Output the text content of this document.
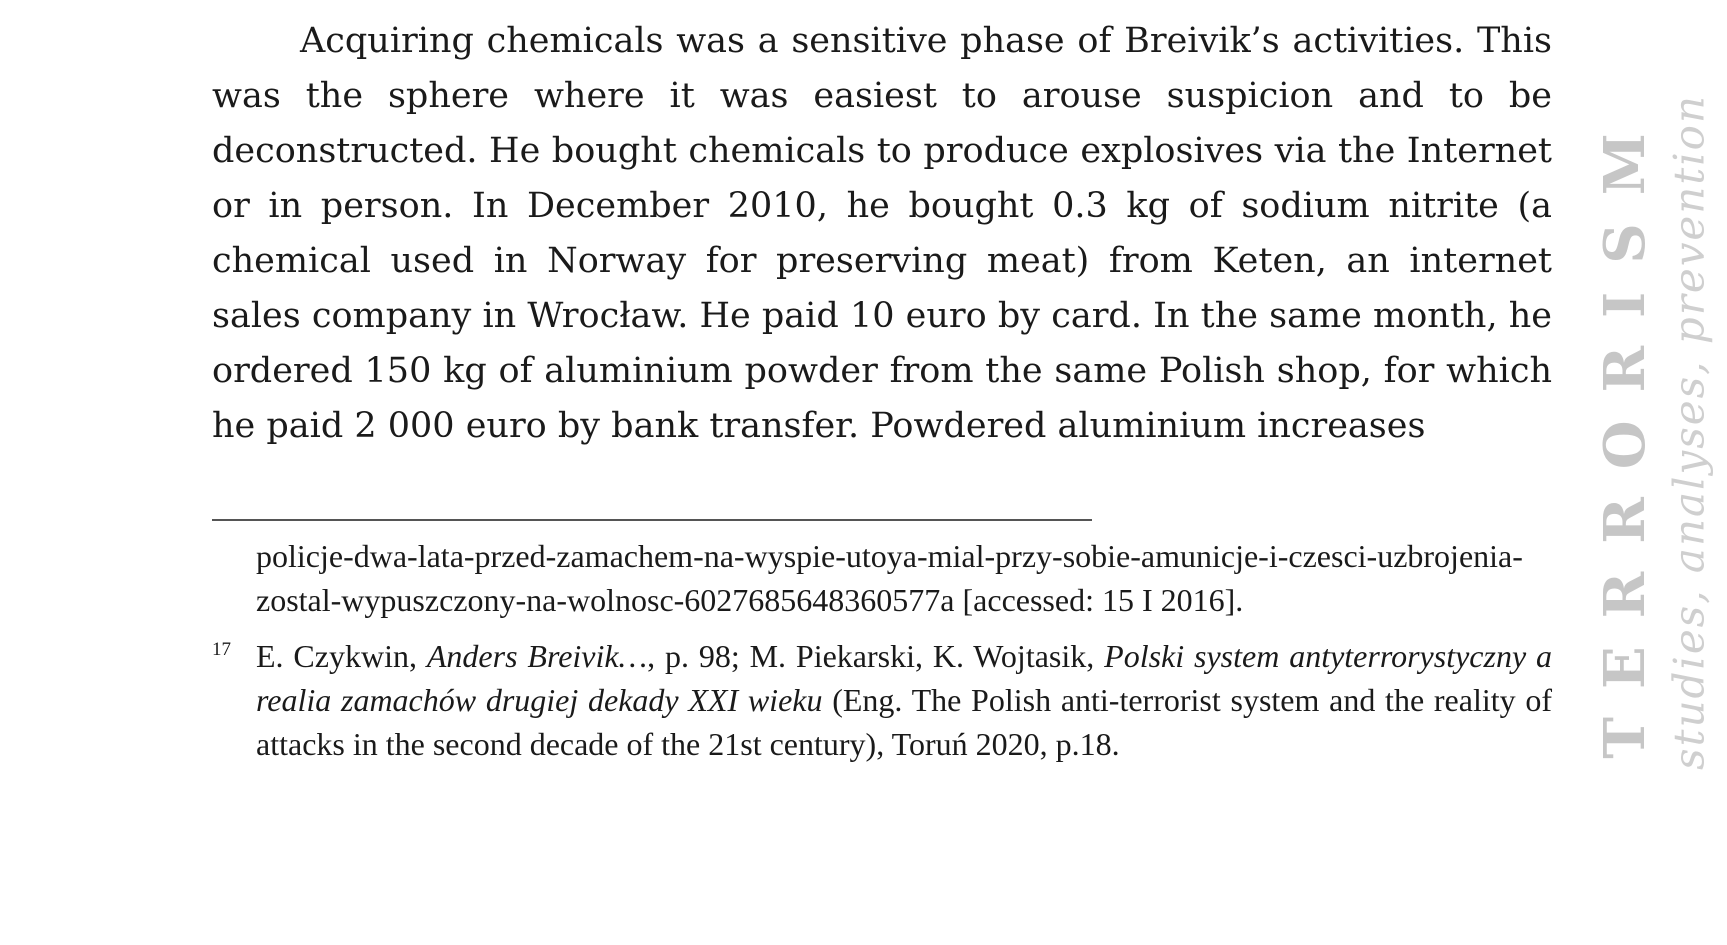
Acquiring chemicals was a sensitive phase of Breivik’s activities. This was the sphere where it was easiest to arouse suspicion and to be deconstructed. He bought chemicals to produce explosives via the Internet or in person. In December 2010, he bought 0.3 kg of sodium nitrite (a chemical used in Norway for preserving meat) from Keten, an internet sales company in Wrocław. He paid 10 euro by card. In the same month, he ordered 150 kg of aluminium powder from the same Polish shop, for which he paid 2 000 euro by bank transfer. Powdered aluminium increases

policje-dwa-lata-przed-zamachem-na-wyspie-utoya-mial-przy-sobie-amunicje-i-czesci-uzbrojenia-zostal-wypuszczony-na-wolnosc-6027685648360577a [accessed: 15 I 2016].
17 E. Czykwin, Anders Breivik…, p. 98; M. Piekarski, K. Wojtasik, Polski system antyterrorystyczny a realia zamachów drugiej dekady XXI wieku (Eng. The Polish anti-terrorist system and the reality of attacks in the second decade of the 21st century), Toruń 2020, p.18.	TERRORISM studies, analyses, prevention
